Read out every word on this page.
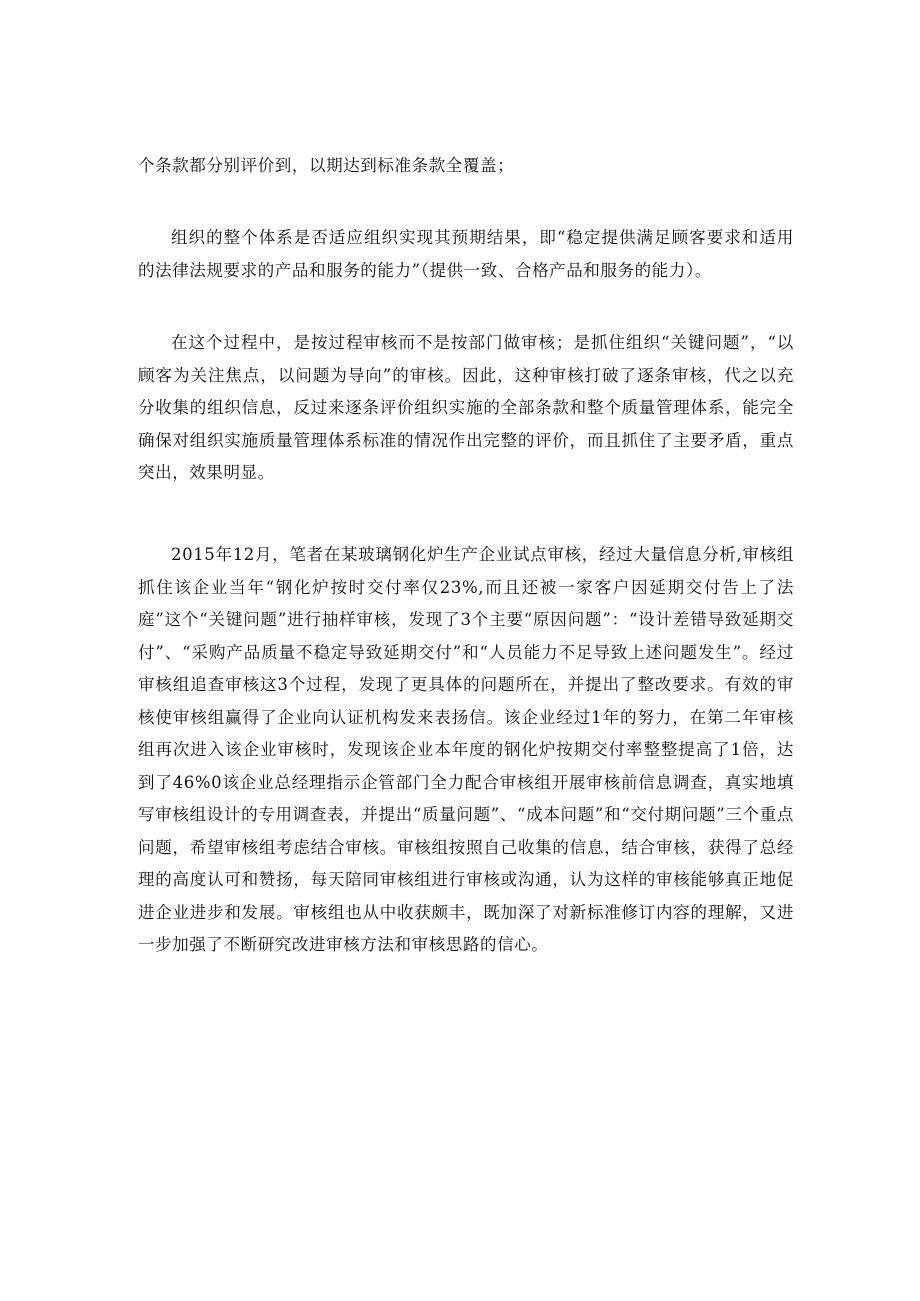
个条款都分别评价到，以期达到标准条款全覆盖；

组织的整个体系是否适应组织实现其预期结果，即“稳定提供满足顾客要求和适用的法律法规要求的产品和服务的能力”（提供一致、合格产品和服务的能力）。

在这个过程中，是按过程审核而不是按部门做审核；是抓住组织“关键问题”，“以顾客为关注焦点，以问题为导向”的审核。因此，这种审核打破了逐条审核，代之以充分收集的组织信息，反过来逐条评价组织实施的全部条款和整个质量管理体系，能完全确保对组织实施质量管理体系标准的情况作出完整的评价，而且抓住了主要矛盾，重点突出，效果明显。

2015年12月，笔者在某玻璃钢化炉生产企业试点审核，经过大量信息分析,审核组抓住该企业当年“钢化炉按时交付率仅23%,而且还被一家客户因延期交付告上了法庭”这个“关键问题”进行抽样审核，发现了3个主要“原因问题”：“设计差错导致延期交付”、“采购产品质量不稳定导致延期交付”和“人员能力不足导致上述问题发生”。经过审核组追查审核这3个过程，发现了更具体的问题所在，并提出了整改要求。有效的审核使审核组赢得了企业向认证机构发来表扬信。该企业经过1年的努力，在第二年审核组再次进入该企业审核时，发现该企业本年度的钢化炉按期交付率整整提高了1倍，达到了46%0该企业总经理指示企管部门全力配合审核组开展审核前信息调查，真实地填写审核组设计的专用调查表，并提出“质量问题”、“成本问题”和“交付期问题”三个重点问题，希望审核组考虑结合审核。审核组按照自己收集的信息，结合审核，获得了总经理的高度认可和赞扬，每天陪同审核组进行审核或沟通，认为这样的审核能够真正地促进企业进步和发展。审核组也从中收获颇丰，既加深了对新标准修订内容的理解，又进一步加强了不断研究改进审核方法和审核思路的信心。
